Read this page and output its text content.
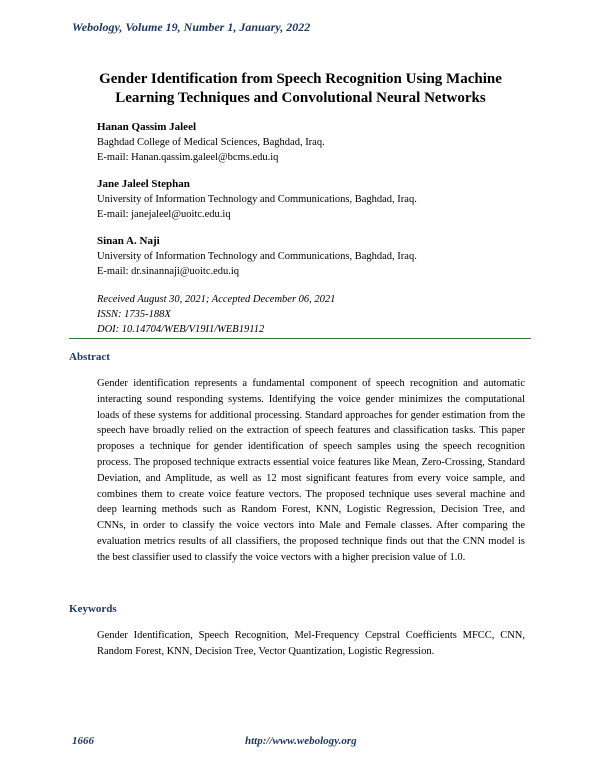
Webology, Volume 19, Number 1, January, 2022
Gender Identification from Speech Recognition Using Machine
Learning Techniques and Convolutional Neural Networks
Hanan Qassim Jaleel
Baghdad College of Medical Sciences, Baghdad, Iraq.
E-mail: Hanan.qassim.galeel@bcms.edu.iq
Jane Jaleel Stephan
University of Information Technology and Communications, Baghdad, Iraq.
E-mail: janejaleel@uoitc.edu.iq
Sinan A. Naji
University of Information Technology and Communications, Baghdad, Iraq.
E-mail: dr.sinannaji@uoitc.edu.iq
Received August 30, 2021; Accepted December 06, 2021
ISSN: 1735-188X
DOI: 10.14704/WEB/V19I1/WEB19112
Abstract
Gender identification represents a fundamental component of speech recognition and automatic interacting sound responding systems. Identifying the voice gender minimizes the computational loads of these systems for additional processing. Standard approaches for gender estimation from the speech have broadly relied on the extraction of speech features and classification tasks. This paper proposes a technique for gender identification of speech samples using the speech recognition process. The proposed technique extracts essential voice features like Mean, Zero-Crossing, Standard Deviation, and Amplitude, as well as 12 most significant features from every voice sample, and combines them to create voice feature vectors. The proposed technique uses several machine and deep learning methods such as Random Forest, KNN, Logistic Regression, Decision Tree, and CNNs, in order to classify the voice vectors into Male and Female classes. After comparing the evaluation metrics results of all classifiers, the proposed technique finds out that the CNN model is the best classifier used to classify the voice vectors with a higher precision value of 1.0.
Keywords
Gender Identification, Speech Recognition, Mel-Frequency Cepstral Coefficients MFCC, CNN, Random Forest, KNN, Decision Tree, Vector Quantization, Logistic Regression.
1666	http://www.webology.org
